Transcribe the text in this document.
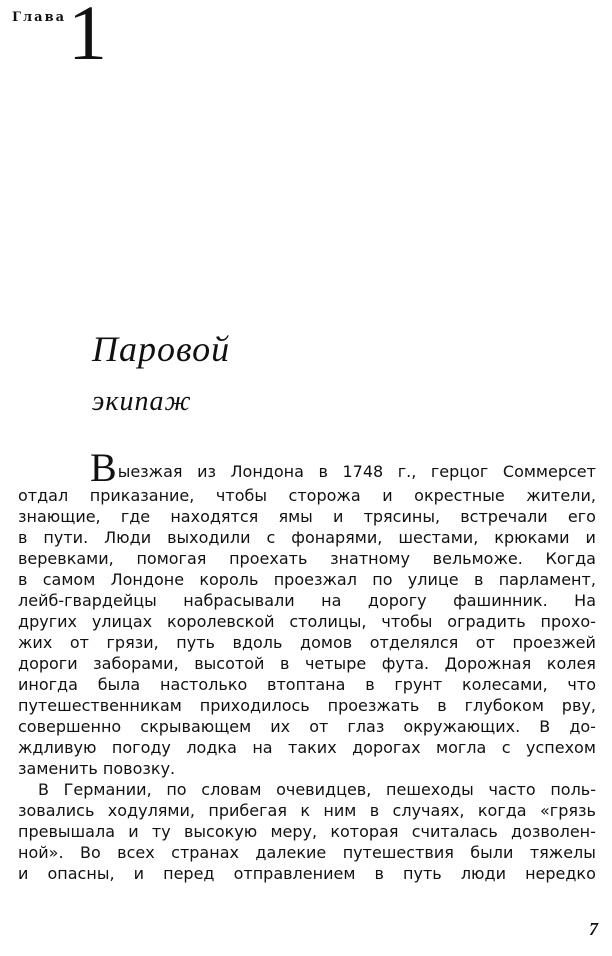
Глава 1
Паровой
экипаж
В ыезжая из Лондона в 1748 г., герцог Соммерсет
отдал приказание, чтобы сторожа и окрестные жители,
знающие, где находятся ямы и трясины, встречали его
в пути. Люди выходили с фонарями, шестами, крюками и
веревками, помогая проехать знатному вельможе. Когда
в самом Лондоне король проезжал по улице в парламент,
лейб-гвардейцы набрасывали на дорогу фашинник. На
других улицах королевской столицы, чтобы оградить прохо-
жих от грязи, путь вдоль домов отделялся от проезжей
дороги заборами, высотой в четыре фута. Дорожная колея
иногда была настолько втоптана в грунт колесами, что
путешественникам приходилось проезжать в глубоком рву,
совершенно скрывающем их от глаз окружающих. В до-
ждливую погоду лодка на таких дорогах могла с успехом
заменить повозку.
В Германии, по словам очевидцев, пешеходы часто поль-
зовались ходулями, прибегая к ним в случаях, когда «грязь
превышала и ту высокую меру, которая считалась дозволен-
ной». Во всех странах далекие путешествия были тяжелы
и опасны, и перед отправлением в путь люди нередко
7
